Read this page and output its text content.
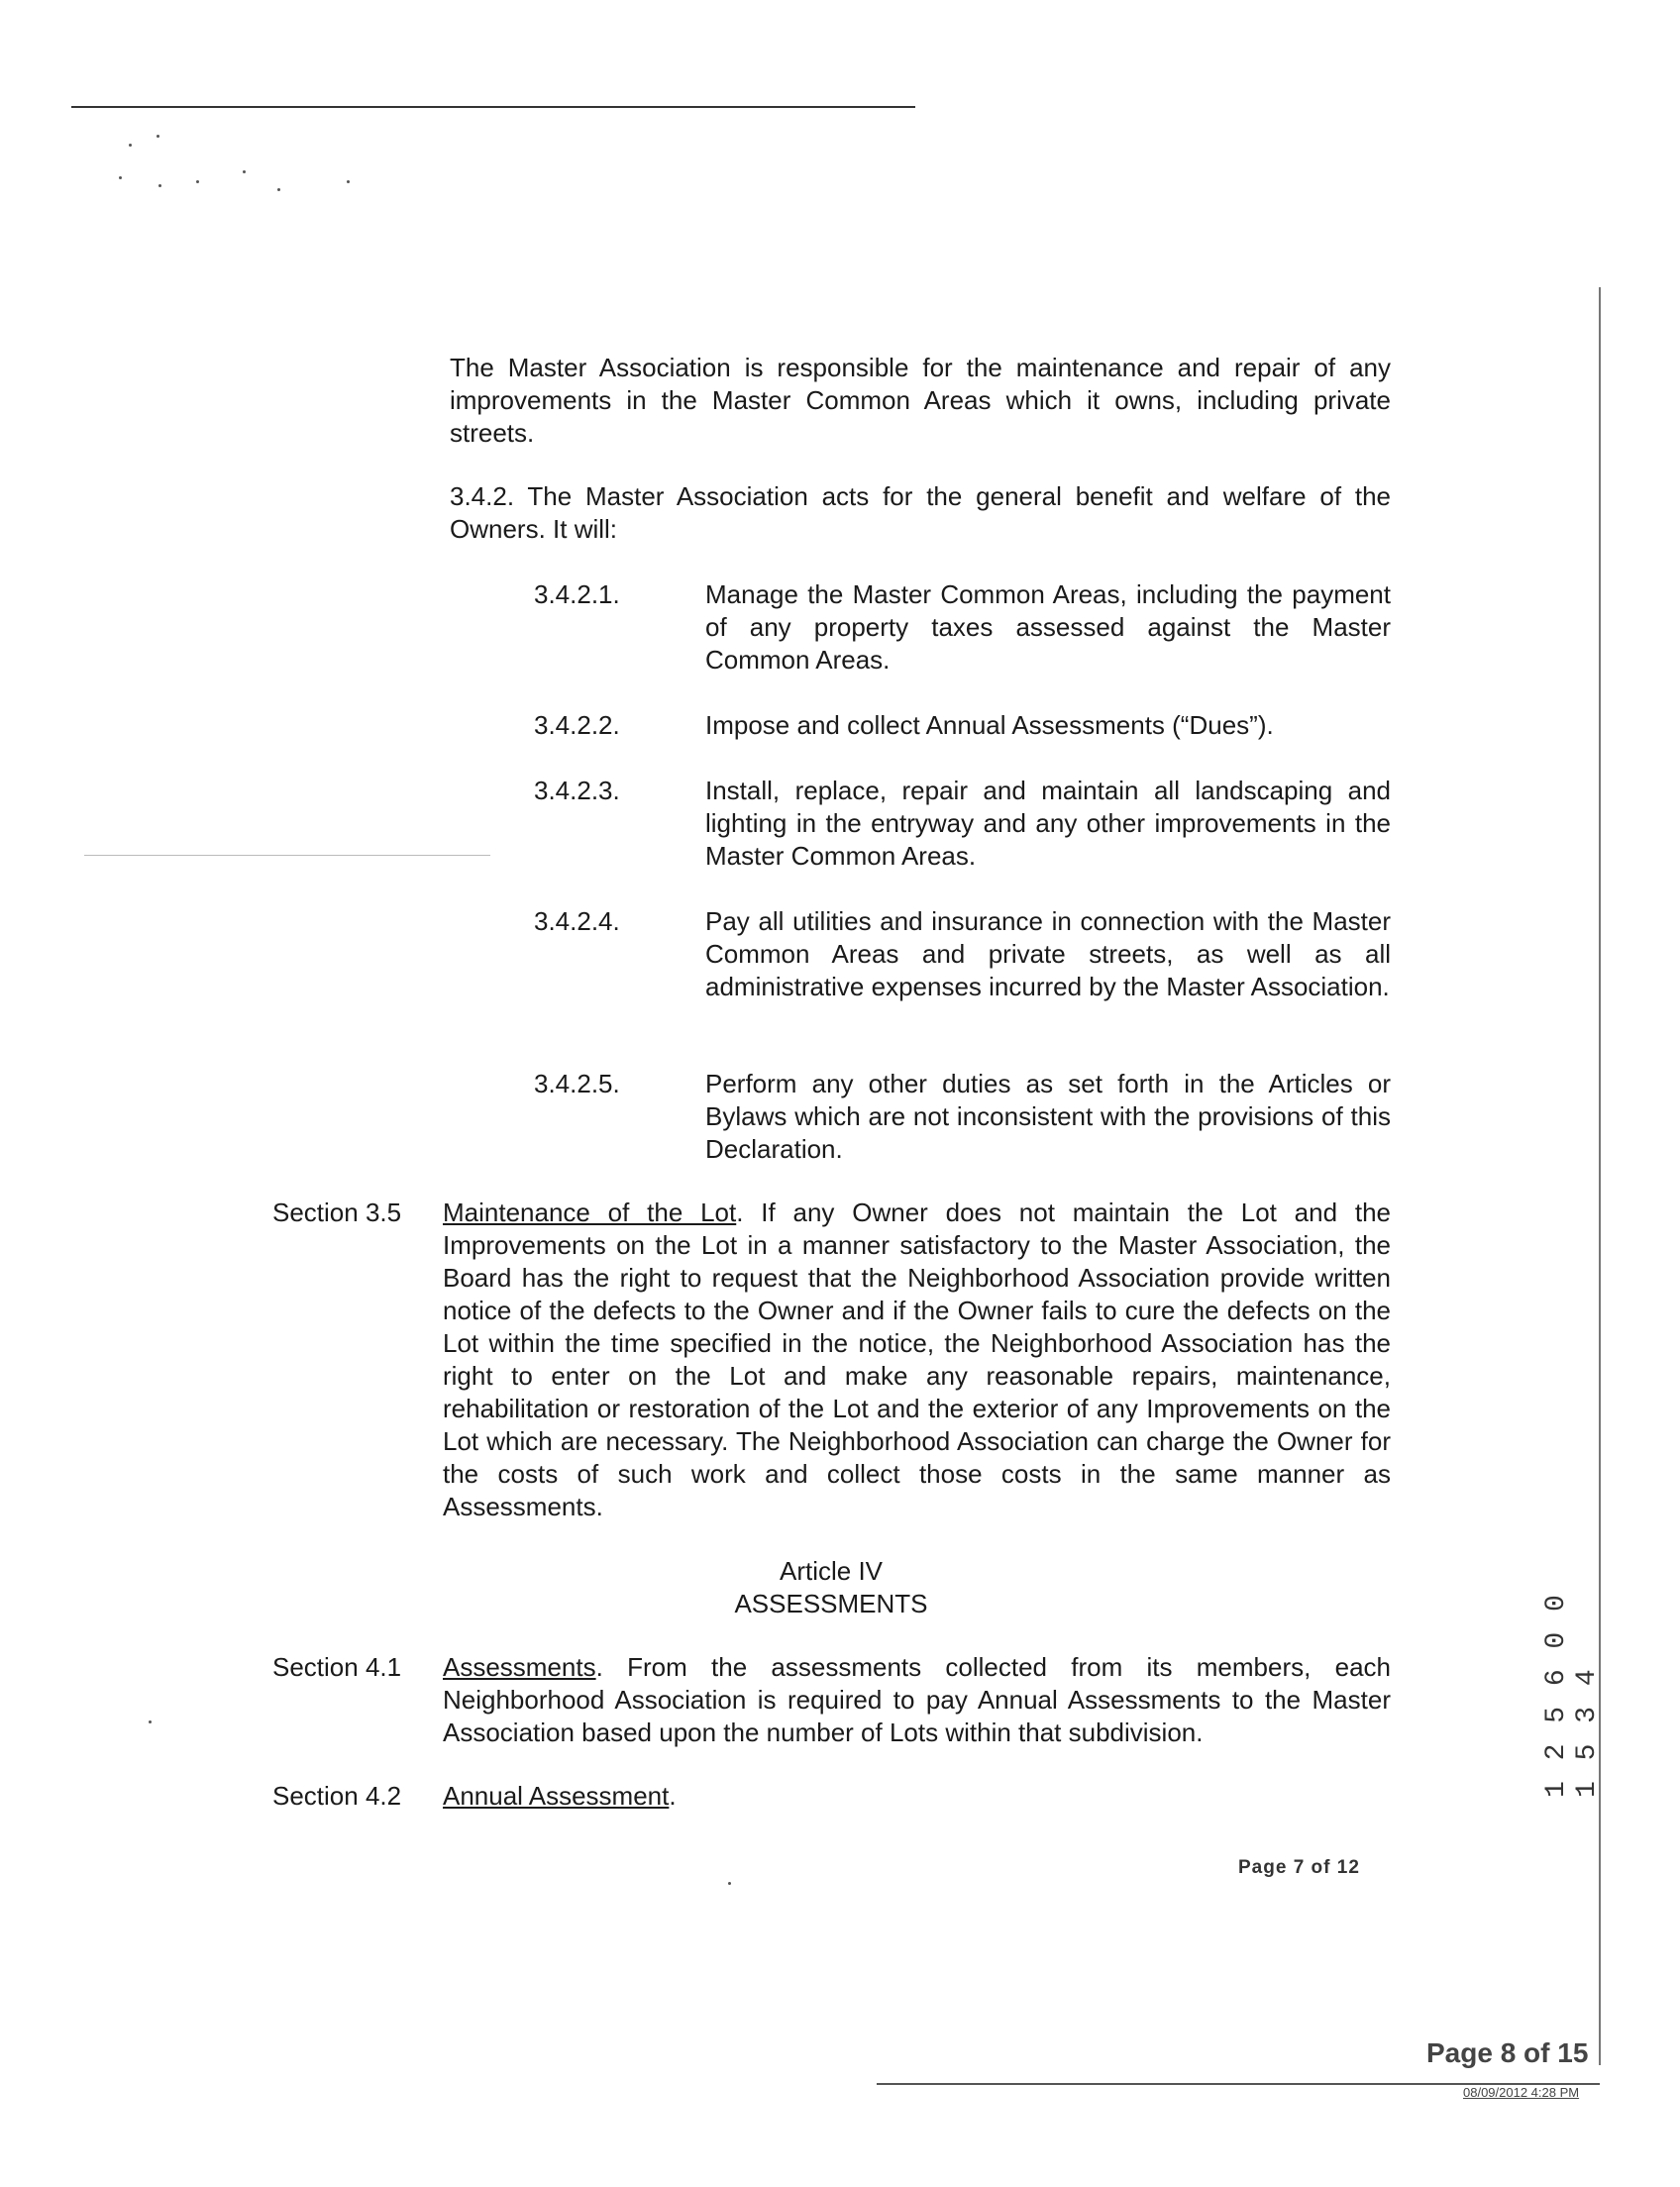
The Master Association is responsible for the maintenance and repair of any improvements in the Master Common Areas which it owns, including private streets.

3.4.2. The Master Association acts for the general benefit and welfare of the Owners. It will:

3.4.2.1.	Manage the Master Common Areas, including the payment of any property taxes assessed against the Master Common Areas.

3.4.2.2.	Impose and collect Annual Assessments (“Dues”).

3.4.2.3.	Install, replace, repair and maintain all landscaping and lighting in the entryway and any other improvements in the Master Common Areas.

3.4.2.4.	Pay all utilities and insurance in connection with the Master Common Areas and private streets, as well as all administrative expenses incurred by the Master Association.

3.4.2.5.	Perform any other duties as set forth in the Articles or Bylaws which are not inconsistent with the provisions of this Declaration.

Section 3.5 Maintenance of the Lot. If any Owner does not maintain the Lot and the Improvements on the Lot in a manner satisfactory to the Master Association, the Board has the right to request that the Neighborhood Association provide written notice of the defects to the Owner and if the Owner fails to cure the defects on the Lot within the time specified in the notice, the Neighborhood Association has the right to enter on the Lot and make any reasonable repairs, maintenance, rehabilitation or restoration of the Lot and the exterior of any Improvements on the Lot which are necessary. The Neighborhood Association can charge the Owner for the costs of such work and collect those costs in the same manner as Assessments.

Article IV
ASSESSMENTS
Section 4.1 Assessments. From the assessments collected from its members, each Neighborhood Association is required to pay Annual Assessments to the Master Association based upon the number of Lots within that subdivision.

Section 4.2 Annual Assessment.

Page 7 of 12
1 2 5 6 0 0 1 5 3 4
Page 8 of 15
08/09/2012 4:28 PM
